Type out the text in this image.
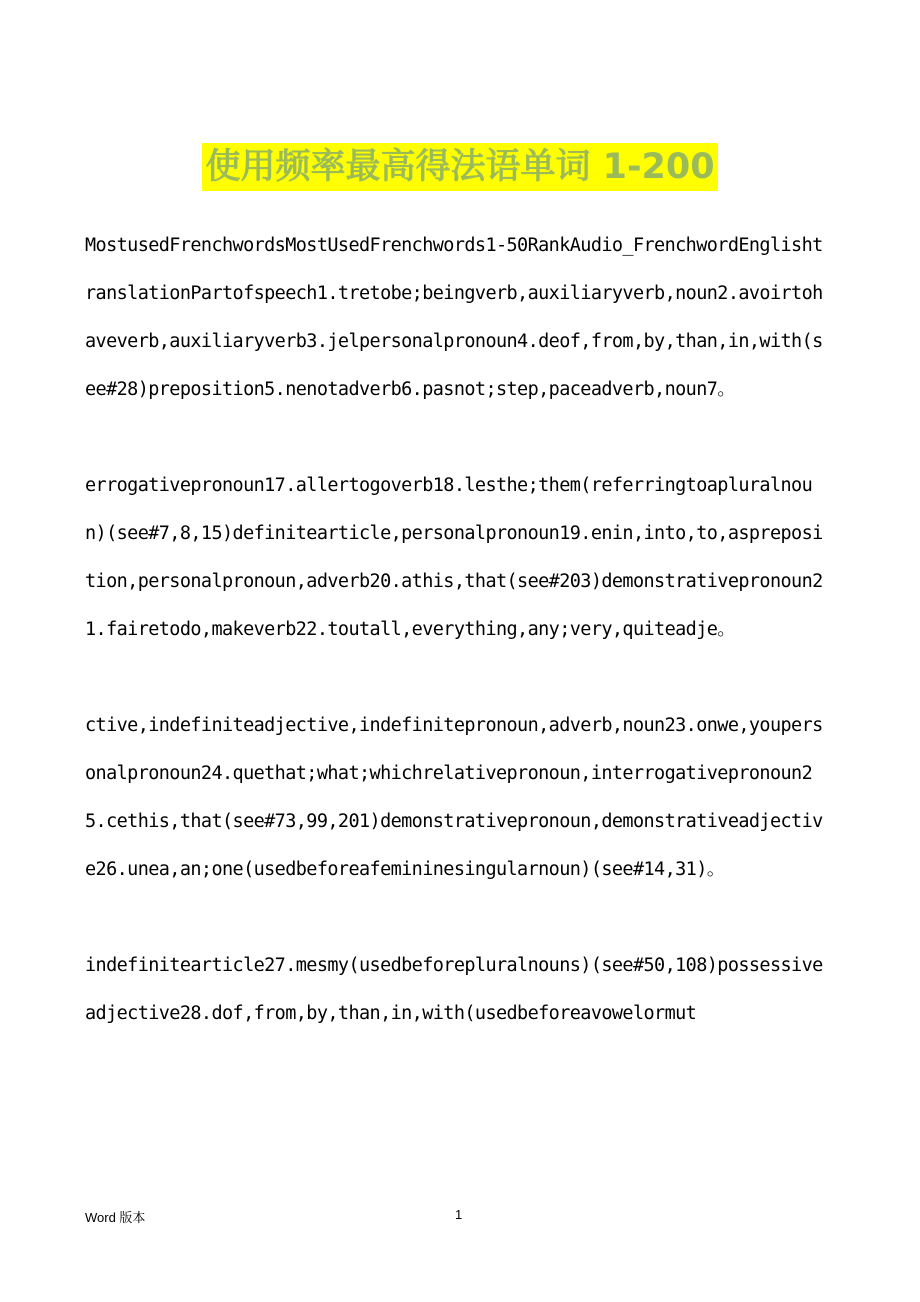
使用频率最高得法语单词 1-200

MostusedFrenchwordsMostUsedFrenchwords1-50RankAudio_FrenchwordEnglishtranslationPartofspeech1.tretobe;beingverb,auxiliaryverb,noun2.avoirtohaveverb,auxiliaryverb3.jelpersonalpronoun4.deof,from,by,than,in,with(see#28)preposition5.nenotadverb6.pasnot;step,paceadverb,noun7。

errogativepronoun17.allertogoverb18.lesthe;them(referringtoapluralnoun)(see#7,8,15)definitearticle,personalpronoun19.enin,into,to,aspreposition,personalpronoun,adverb20.athis,that(see#203)demonstrativepronoun21.fairetodo,makeverb22.toutall,everything,any;very,quiteadje。

ctive,indefiniteadjective,indefinitepronoun,adverb,noun23.onwe,youpersonalpronoun24.quethat;what;whichrelativepronoun,interrogativepronoun25.cethis,that(see#73,99,201)demonstrativepronoun,demonstrativeadjective26.unea,an;one(usedbeforeafemininesingularnoun)(see#14,31)。

indefinitearticle27.mesmy(usedbeforepluralnouns)(see#50,108)possessiveadjective28.dof,from,by,than,in,with(usedbeforeavowelormut

Word 版本	1
